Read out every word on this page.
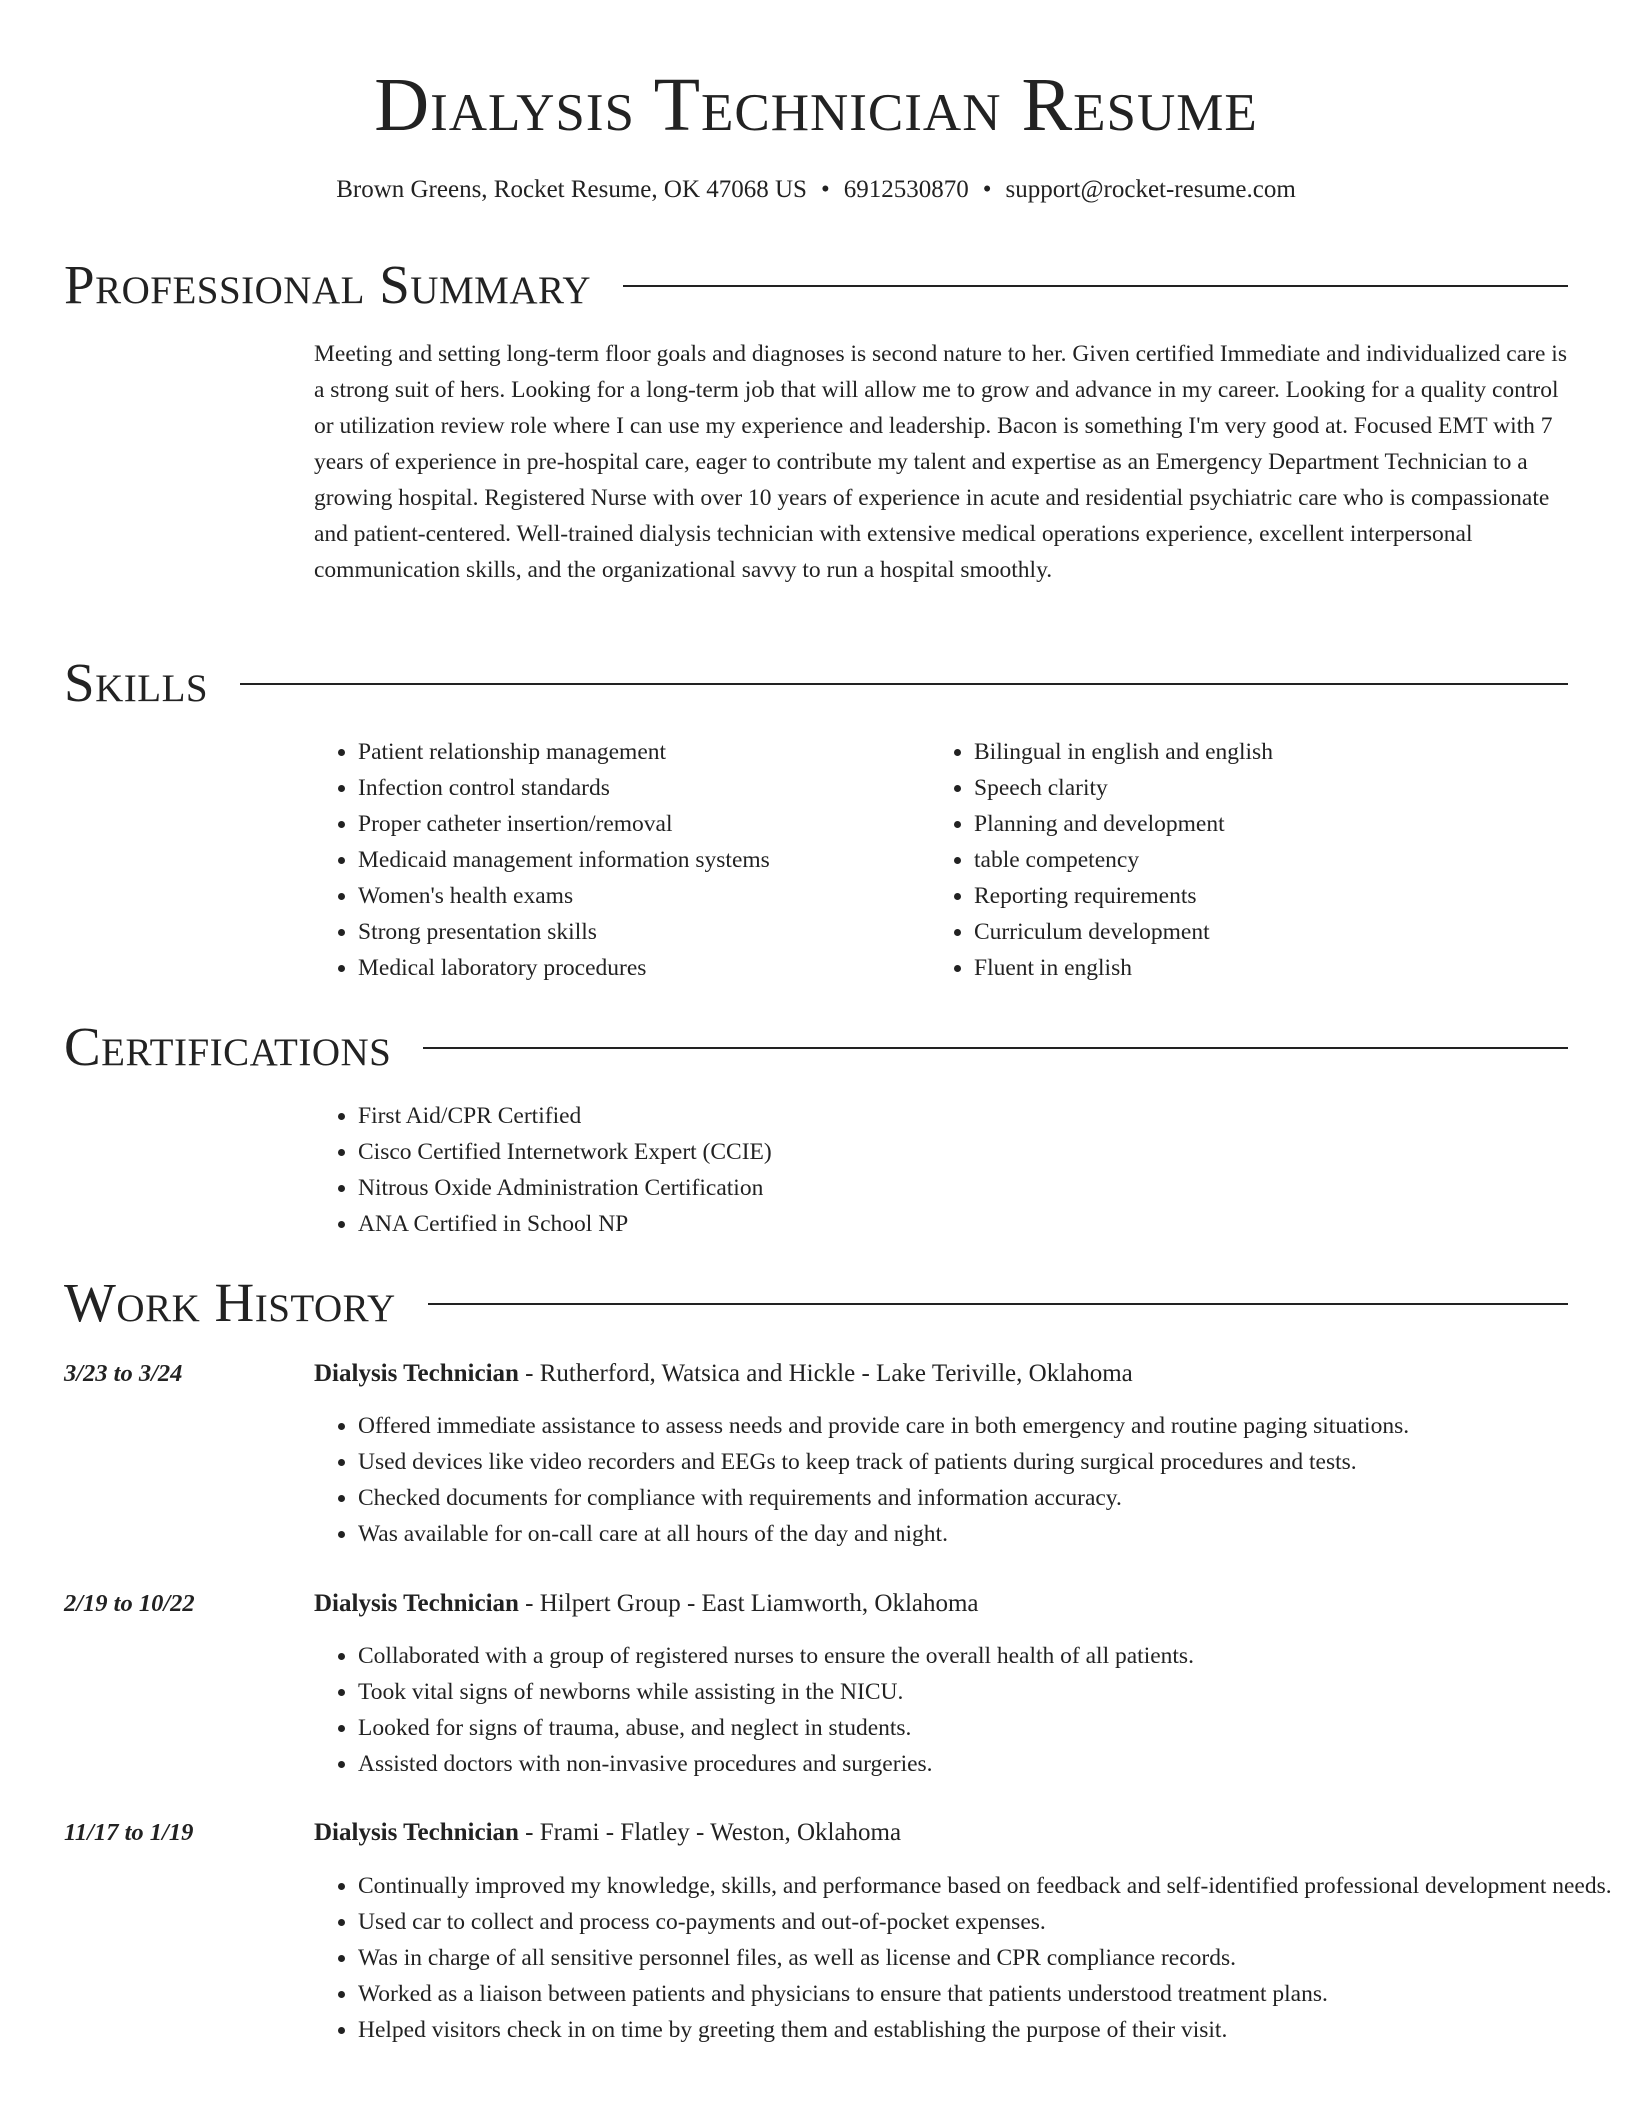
Dialysis Technician Resume
Brown Greens, Rocket Resume, OK 47068 US • 6912530870 • support@rocket-resume.com
Professional Summary

Meeting and setting long-term floor goals and diagnoses is second nature to her. Given certified Immediate and individualized care is a strong suit of hers. Looking for a long-term job that will allow me to grow and advance in my career. Looking for a quality control or utilization review role where I can use my experience and leadership. Bacon is something I'm very good at. Focused EMT with 7 years of experience in pre-hospital care, eager to contribute my talent and expertise as an Emergency Department Technician to a growing hospital. Registered Nurse with over 10 years of experience in acute and residential psychiatric care who is compassionate and patient-centered. Well-trained dialysis technician with extensive medical operations experience, excellent interpersonal communication skills, and the organizational savvy to run a hospital smoothly.

Skills
• Patient relationship management
• Infection control standards
• Proper catheter insertion/removal
• Medicaid management information systems
• Women's health exams
• Strong presentation skills
• Medical laboratory procedures
• Bilingual in english and english
• Speech clarity
• Planning and development
• table competency
• Reporting requirements
• Curriculum development
• Fluent in english
Certifications
• First Aid/CPR Certified
• Cisco Certified Internetwork Expert (CCIE)
• Nitrous Oxide Administration Certification
• ANA Certified in School NP
Work History
3/23 to 3/24	Dialysis Technician - Rutherford, Watsica and Hickle - Lake Teriville, Oklahoma
• Offered immediate assistance to assess needs and provide care in both emergency and routine paging situations.
• Used devices like video recorders and EEGs to keep track of patients during surgical procedures and tests.
• Checked documents for compliance with requirements and information accuracy.
• Was available for on-call care at all hours of the day and night.
2/19 to 10/22	Dialysis Technician - Hilpert Group - East Liamworth, Oklahoma
• Collaborated with a group of registered nurses to ensure the overall health of all patients.
• Took vital signs of newborns while assisting in the NICU.
• Looked for signs of trauma, abuse, and neglect in students.
• Assisted doctors with non-invasive procedures and surgeries.
11/17 to 1/19	Dialysis Technician - Frami - Flatley - Weston, Oklahoma
• Continually improved my knowledge, skills, and performance based on feedback and self-identified professional development needs.
• Used car to collect and process co-payments and out-of-pocket expenses.
• Was in charge of all sensitive personnel files, as well as license and CPR compliance records.
• Worked as a liaison between patients and physicians to ensure that patients understood treatment plans.
• Helped visitors check in on time by greeting them and establishing the purpose of their visit.
